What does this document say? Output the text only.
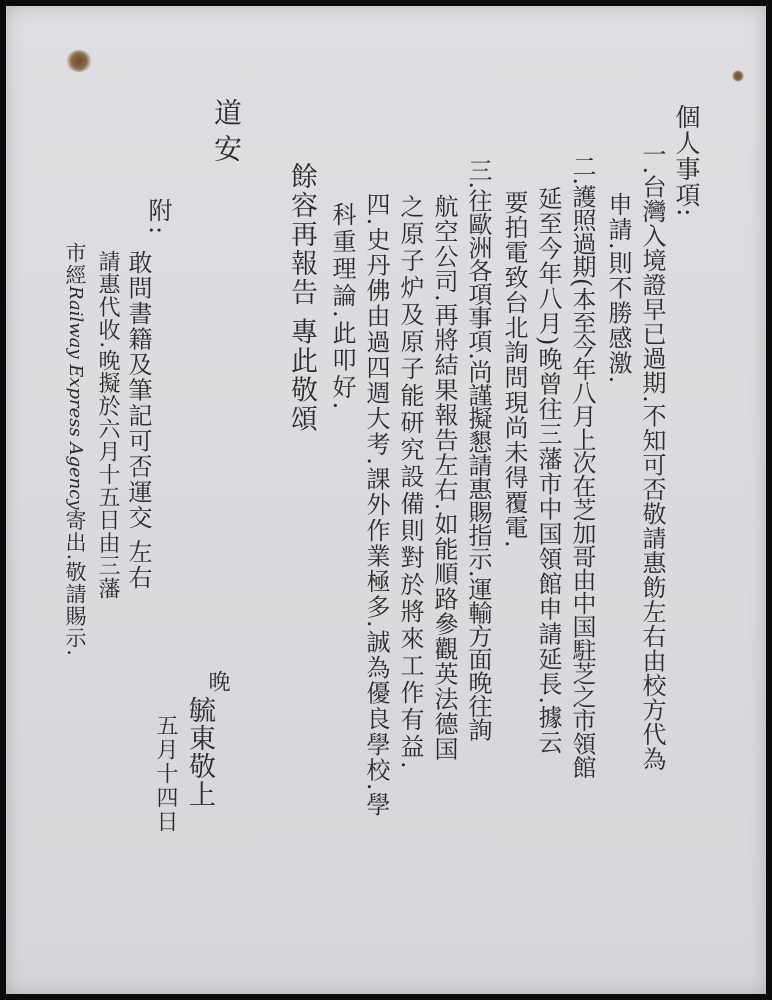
個人事項:
一.台灣入境證早已過期.不知可否敬請惠飭左右由校方代為
申請.則不勝感激.
二.護照過期(本至今年八月上次在芝加哥由中国駐芝之市領館
延至今年八月)晚曾往三藩市中国領館申請延長.據云
要拍電致台北詢問現尚未得覆電.
三.往歐洲各項事項.尚謹擬懇請惠賜指示.運輸方面晚往詢
航空公司.再將結果報告左右.如能順路參觀英法德国
之原子炉及原子能研究設備則對於將來工作有益.
四.史丹佛由過四週大考.課外作業極多.誠為優良學校.學
科重理論.此叩好.
餘容再報告 專此敬頌
道安
附:
敢問書籍及筆記可否運交 左右
請惠代收.晚擬於六月十五日由三藩
市經Railway Express Agency寄出.敬請賜示.
晚
毓東敬上
五月十四日
